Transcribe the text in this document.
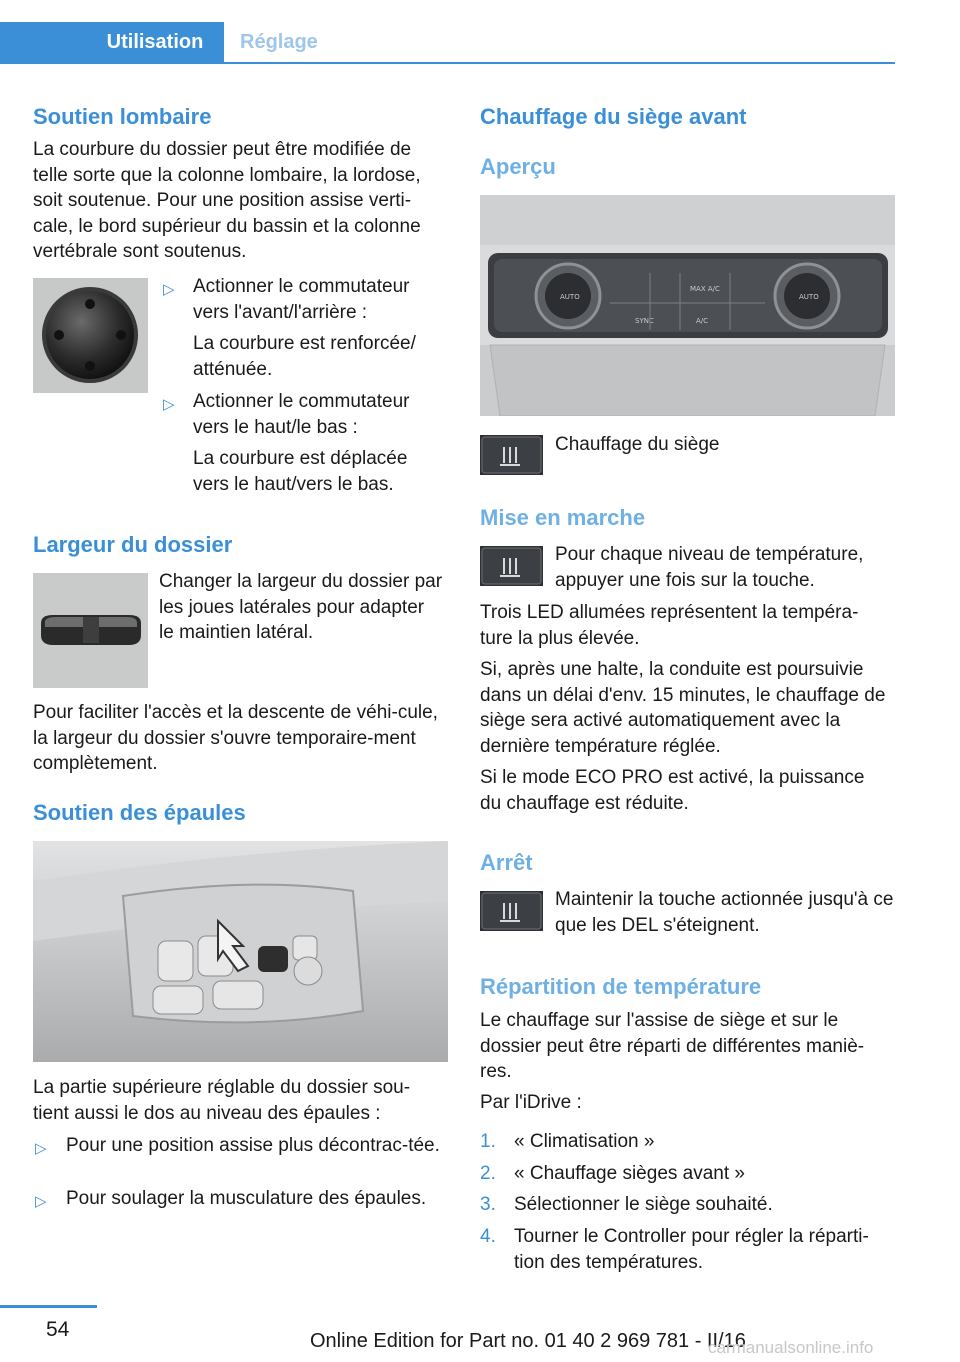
Utilisation Réglage
Soutien lombaire

La courbure du dossier peut être modifiée de telle sorte que la colonne lombaire, la lordose, soit soutenue. Pour une position assise verti‐cale, le bord supérieur du bassin et la colonne vertébrale sont soutenus.

▷ Actionner le commutateur vers l'avant/l'arrière :

La courbure est renforcée/ atténuée.

▷ Actionner le commutateur vers le haut/le bas :

La courbure est déplacée vers le haut/vers le bas.

Largeur du dossier

Changer la largeur du dossier par les joues latérales pour adapter le maintien latéral.

Pour faciliter l'accès et la descente de véhi‐cule, la largeur du dossier s'ouvre temporaire‐ment complètement.

Soutien des épaules

La partie supérieure réglable du dossier sou‐tient aussi le dos au niveau des épaules :

▷ Pour une position assise plus décontrac‐tée.

▷ Pour soulager la musculature des épaules.

Chauffage du siège avant
Aperçu
AUTO	AUTO
SYNC
MAX A/C
A/C

Chauffage du siège

Mise en marche

Pour chaque niveau de température, appuyer une fois sur la touche.

Trois LED allumées représentent la tempéra‐ture la plus élevée.

Si, après une halte, la conduite est poursuivie dans un délai d'env. 15 minutes, le chauffage de siège sera activé automatiquement avec la dernière température réglée.

Si le mode ECO PRO est activé, la puissance du chauffage est réduite.

Arrêt

Maintenir la touche actionnée jusqu'à ce que les DEL s'éteignent.

Répartition de température

Le chauffage sur l'assise de siège et sur le dossier peut être réparti de différentes maniè‐res.

Par l'iDrive :

1. « Climatisation »

2. « Chauffage sièges avant »

3. Sélectionner le siège souhaité.

4. Tourner le Controller pour régler la réparti‐tion des températures.

54	Online Edition for Part no. 01 40 2 969 781 - II/16
carmanualsonline.info
